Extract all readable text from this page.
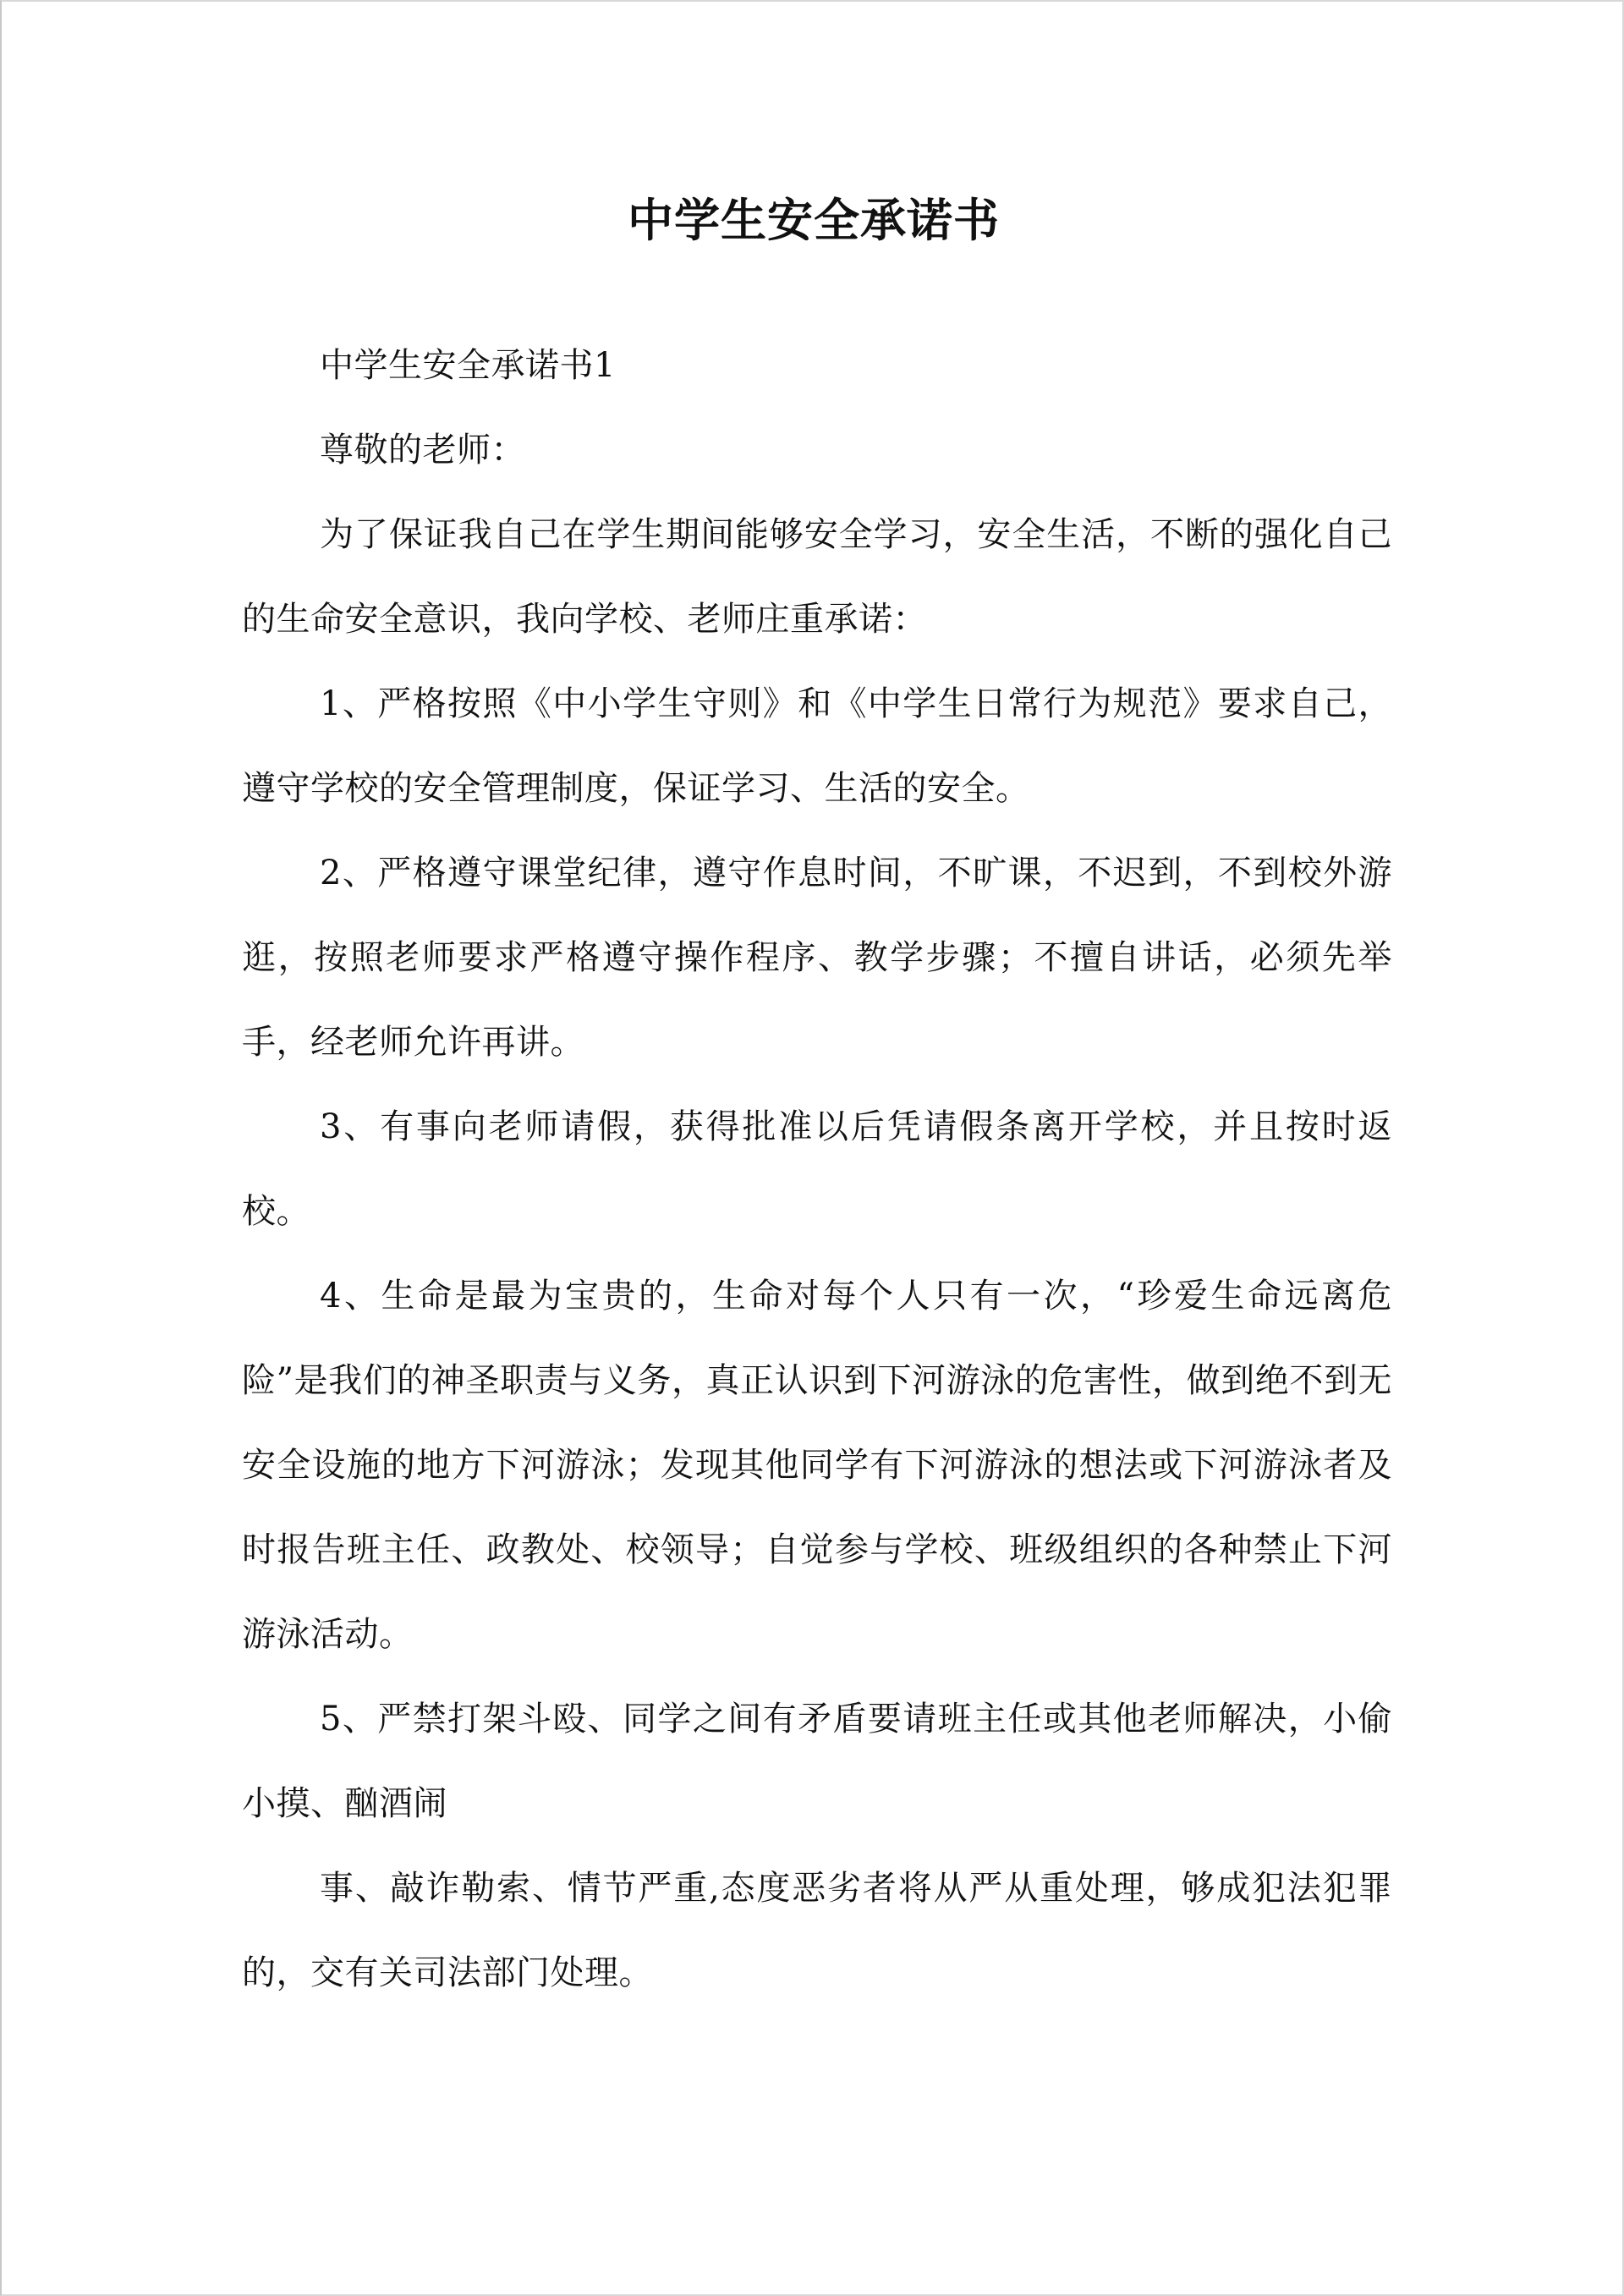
中学生安全承诺书

中学生安全承诺书1

尊敬的老师：

为了保证我自己在学生期间能够安全学习，安全生活，不断的强化自己的生命安全意识，我向学校、老师庄重承诺：

1、严格按照《中小学生守则》和《中学生日常行为规范》要求自己，遵守学校的安全管理制度，保证学习、生活的安全。

2、严格遵守课堂纪律，遵守作息时间，不旷课，不迟到，不到校外游逛，按照老师要求严格遵守操作程序、教学步骤；不擅自讲话，必须先举手，经老师允许再讲。

3、有事向老师请假，获得批准以后凭请假条离开学校，并且按时返校。

4、生命是最为宝贵的，生命对每个人只有一次，“珍爱生命远离危险”是我们的神圣职责与义务，真正认识到下河游泳的危害性，做到绝不到无安全设施的地方下河游泳；发现其他同学有下河游泳的想法或下河游泳者及时报告班主任、政教处、校领导；自觉参与学校、班级组织的各种禁止下河游泳活动。

5、严禁打架斗殴、同学之间有矛盾要请班主任或其他老师解决，小偷小摸、酗酒闹

事、敲诈勒索、情节严重,态度恶劣者将从严从重处理，够成犯法犯罪的，交有关司法部门处理。
